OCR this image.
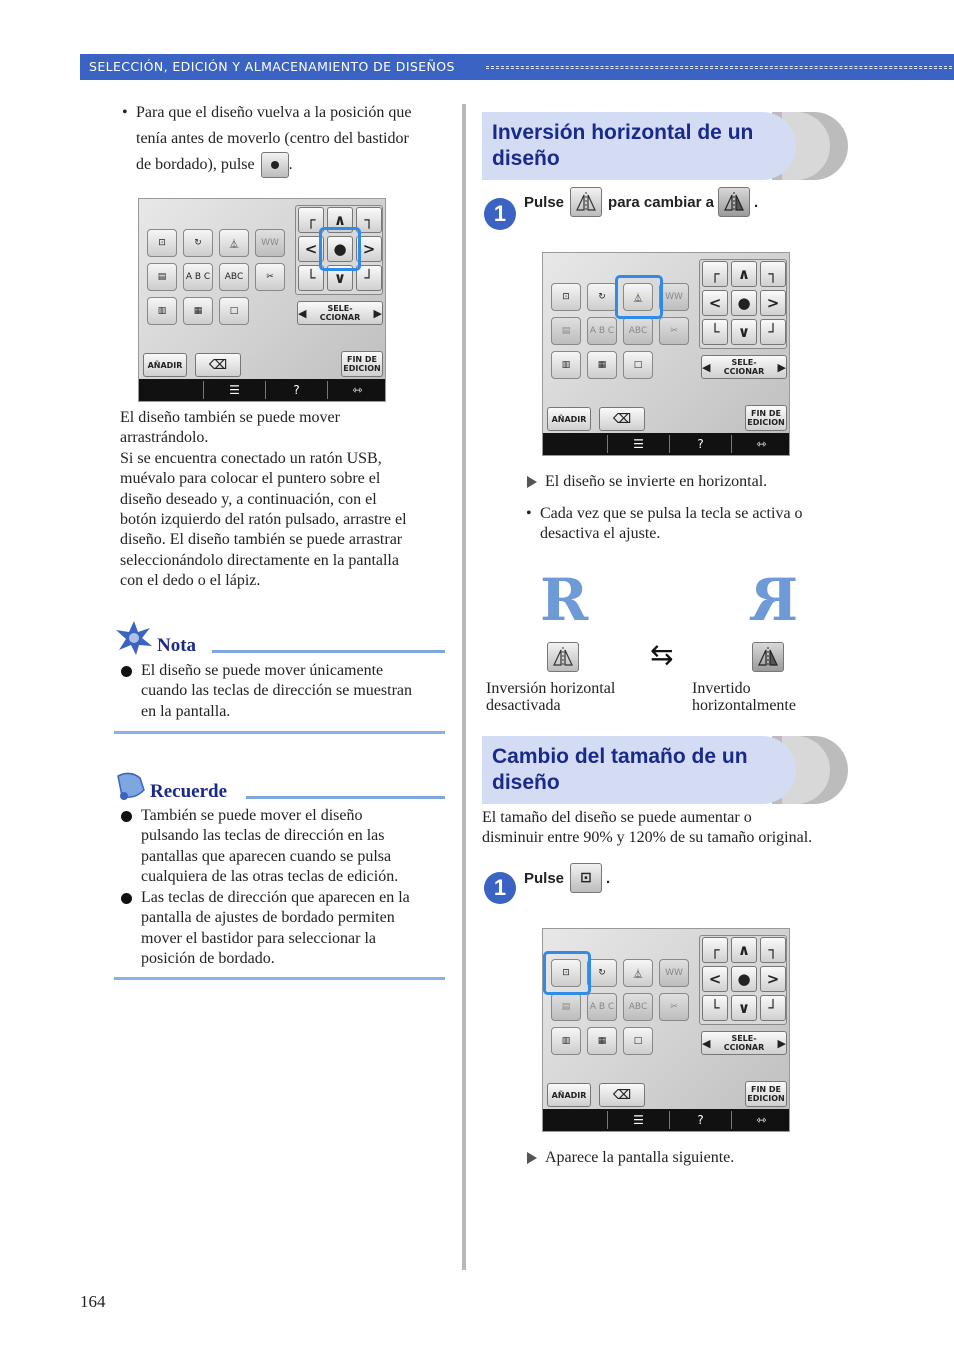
SELECCIÓN, EDICIÓN Y ALMACENAMIENTO DE DISEÑOS
• Para que el diseño vuelva a la posición que
tenía antes de moverlo (centro del bastidor
de bordado), pulse .
⊡	↻	⏅	WW
▤	A B C	ABC	✂
▥	▦	□
┌	∧	┐
<	●	>
└	∨	┘
◀	SELE-CCIONAR	▶
AÑADIR	⌫	FIN DE EDICION
☰	?	⇿
El diseño también se puede mover
arrastrándolo.
Si se encuentra conectado un ratón USB,
muévalo para colocar el puntero sobre el
diseño deseado y, a continuación, con el
botón izquierdo del ratón pulsado, arrastre el
diseño. El diseño también se puede arrastrar
seleccionándolo directamente en la pantalla
con el dedo o el lápiz.
Nota
El diseño se puede mover únicamente
cuando las teclas de dirección se muestran
en la pantalla.
Recuerde
También se puede mover el diseño
pulsando las teclas de dirección en las
pantallas que aparecen cuando se pulsa
cualquiera de las otras teclas de edición.
Las teclas de dirección que aparecen en la
pantalla de ajustes de bordado permiten
mover el bastidor para seleccionar la
posición de bordado.
164
Inversión horizontal de un
diseño
1	Pulse	para cambiar a	.
⊡	↻	⏅	WW
▤	A B C	ABC	✂
▥	▦	□
┌	∧	┐
<	●	>
└	∨	┘
◀	SELE-CCIONAR	▶
AÑADIR	⌫	FIN DE EDICION
☰	?	⇿
El diseño se invierte en horizontal.
• Cada vez que se pulsa la tecla se activa o
desactiva el ajuste.
R	R
⇆
Inversión horizontal
desactivada
Invertido
horizontalmente
Cambio del tamaño de un
diseño
El tamaño del diseño se puede aumentar o
disminuir entre 90% y 120% de su tamaño original.
1	Pulse	⊡ .
⊡	↻	⏅	WW
▤	A B C	ABC	✂
▥	▦	□
┌	∧	┐
<	●	>
└	∨	┘
◀	SELE-CCIONAR	▶
AÑADIR	⌫	FIN DE EDICION
☰	?	⇿
Aparece la pantalla siguiente.
